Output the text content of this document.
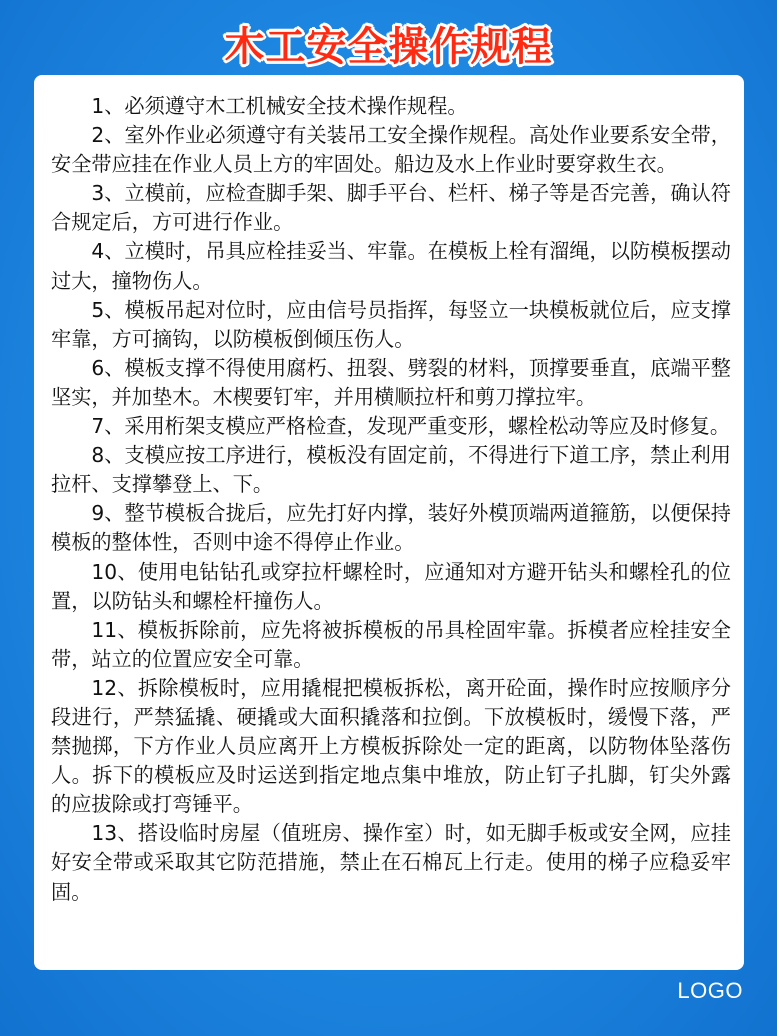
木工安全操作规程

1、必须遵守木工机械安全技术操作规程。

2、室外作业必须遵守有关装吊工安全操作规程。高处作业要系安全带，安全带应挂在作业人员上方的牢固处。船边及水上作业时要穿救生衣。

3、立模前，应检查脚手架、脚手平台、栏杆、梯子等是否完善，确认符合规定后，方可进行作业。

4、立模时，吊具应栓挂妥当、牢靠。在模板上栓有溜绳，以防模板摆动过大，撞物伤人。

5、模板吊起对位时，应由信号员指挥，每竖立一块模板就位后，应支撑牢靠，方可摘钩，以防模板倒倾压伤人。

6、模板支撑不得使用腐朽、扭裂、劈裂的材料，顶撑要垂直，底端平整坚实，并加垫木。木楔要钉牢，并用横顺拉杆和剪刀撑拉牢。

7、采用桁架支模应严格检查，发现严重变形，螺栓松动等应及时修复。

8、支模应按工序进行，模板没有固定前，不得进行下道工序，禁止利用拉杆、支撑攀登上、下。

9、整节模板合拢后，应先打好内撑，装好外模顶端两道箍筋，以便保持模板的整体性，否则中途不得停止作业。

10、使用电钻钻孔或穿拉杆螺栓时，应通知对方避开钻头和螺栓孔的位置，以防钻头和螺栓杆撞伤人。

11、模板拆除前，应先将被拆模板的吊具栓固牢靠。拆模者应栓挂安全带，站立的位置应安全可靠。

12、拆除模板时，应用撬棍把模板拆松，离开砼面，操作时应按顺序分段进行，严禁猛撬、硬撬或大面积撬落和拉倒。下放模板时，缓慢下落，严禁抛掷，下方作业人员应离开上方模板拆除处一定的距离，以防物体坠落伤人。拆下的模板应及时运送到指定地点集中堆放，防止钉子扎脚，钉尖外露的应拔除或打弯锤平。

13、搭设临时房屋（值班房、操作室）时，如无脚手板或安全网，应挂好安全带或采取其它防范措施，禁止在石棉瓦上行走。使用的梯子应稳妥牢固。

LOGO
